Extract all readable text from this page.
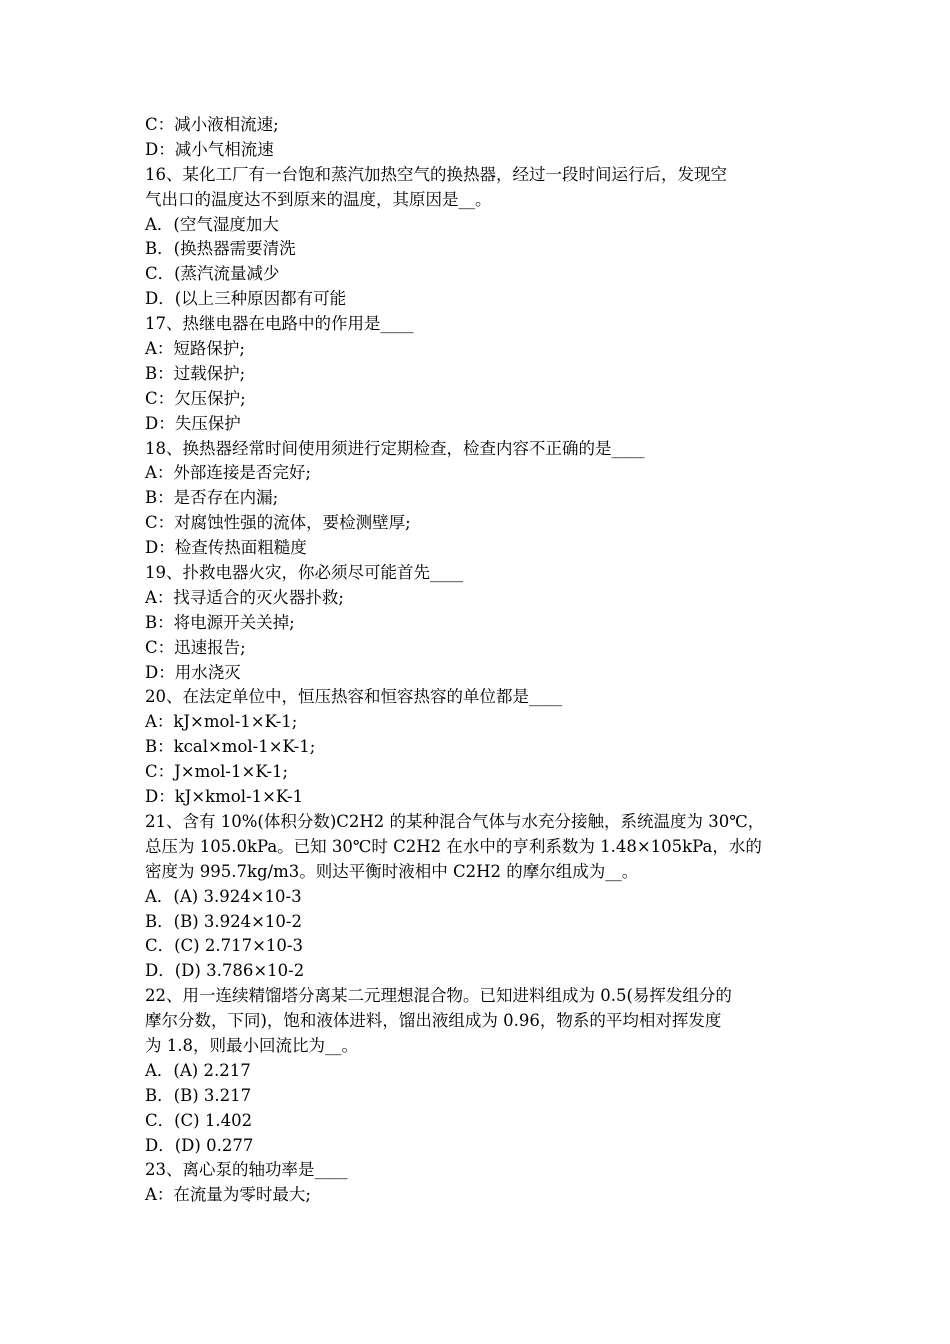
C：减小液相流速;
D：减小气相流速
16、某化工厂有一台饱和蒸汽加热空气的换热器，经过一段时间运行后，发现空
气出口的温度达不到原来的温度，其原因是__。
A．(空气湿度加大
B．(换热器需要清洗
C．(蒸汽流量减少
D．(以上三种原因都有可能
17、热继电器在电路中的作用是____
A：短路保护;
B：过载保护;
C：欠压保护;
D：失压保护
18、换热器经常时间使用须进行定期检查，检查内容不正确的是____
A：外部连接是否完好;
B：是否存在内漏;
C：对腐蚀性强的流体，要检测壁厚;
D：检查传热面粗糙度
19、扑救电器火灾，你必须尽可能首先____
A：找寻适合的灭火器扑救;
B：将电源开关关掉;
C：迅速报告;
D：用水浇灭
20、在法定单位中，恒压热容和恒容热容的单位都是____
A：kJ×mol-1×K-1;
B：kcal×mol-1×K-1;
C：J×mol-1×K-1;
D：kJ×kmol-1×K-1
21、含有 10%(体积分数)C2H2 的某种混合气体与水充分接触，系统温度为 30℃，
总压为 105.0kPa。已知 30℃时 C2H2 在水中的亨利系数为 1.48×105kPa，水的
密度为 995.7kg/m3。则达平衡时液相中 C2H2 的摩尔组成为__。
A．(A) 3.924×10-3
B．(B) 3.924×10-2
C．(C) 2.717×10-3
D．(D) 3.786×10-2
22、用一连续精馏塔分离某二元理想混合物。已知进料组成为 0.5(易挥发组分的
摩尔分数，下同)，饱和液体进料，馏出液组成为 0.96，物系的平均相对挥发度
为 1.8，则最小回流比为__。
A．(A) 2.217
B．(B) 3.217
C．(C) 1.402
D．(D) 0.277
23、离心泵的轴功率是____
A：在流量为零时最大;
